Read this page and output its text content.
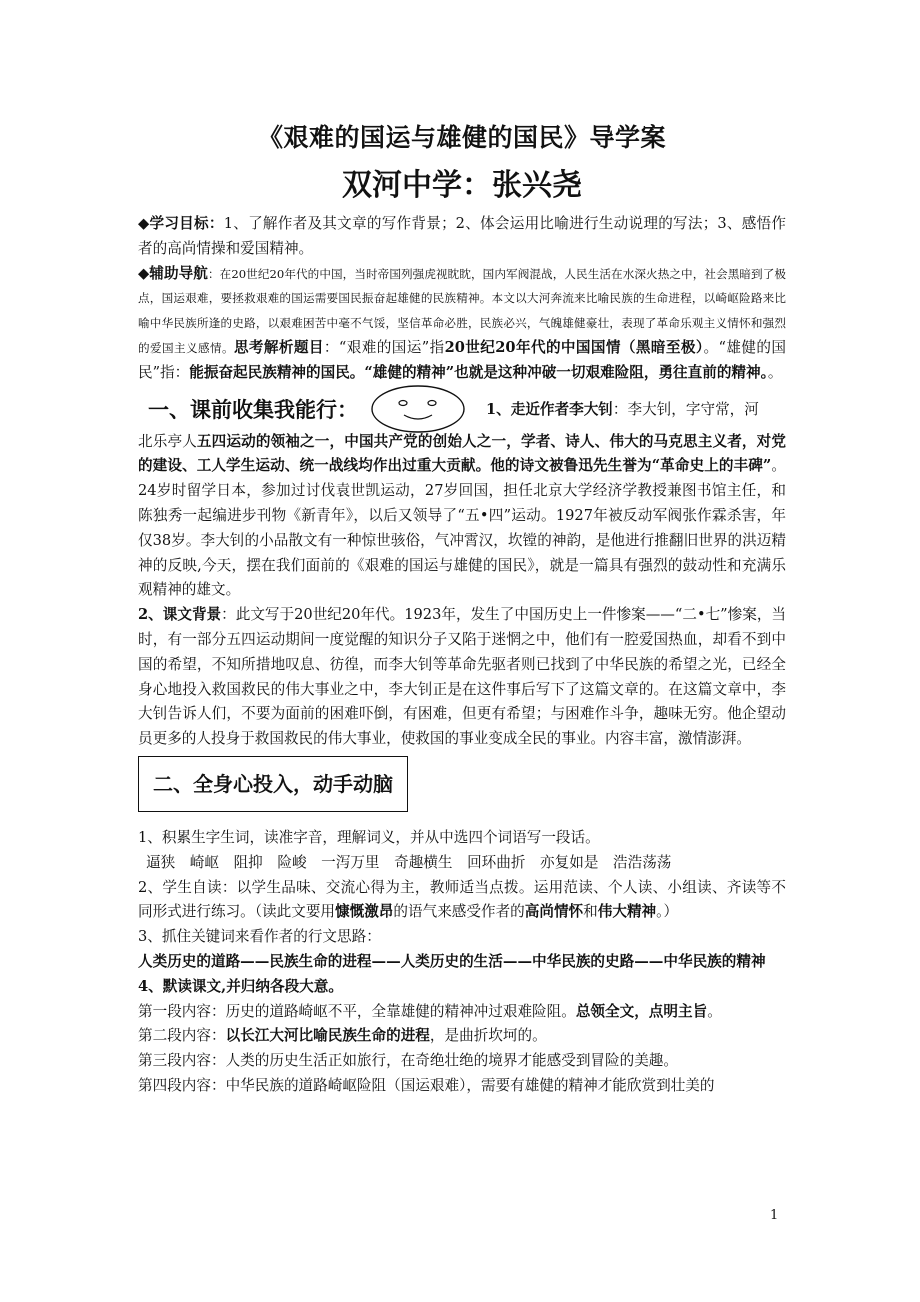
《艰难的国运与雄健的国民》导学案
双河中学：张兴尧

◆学习目标：1、了解作者及其文章的写作背景；2、体会运用比喻进行生动说理的写法；3、感悟作者的高尚情操和爱国精神。

◆辅助导航：在20世纪20年代的中国，当时帝国列强虎视眈眈，国内军阀混战，人民生活在水深火热之中，社会黑暗到了极点，国运艰难，要拯救艰难的国运需要国民振奋起雄健的民族精神。本文以大河奔流来比喻民族的生命进程，以崎岖险路来比喻中华民族所逢的史路，以艰难困苦中毫不气馁，坚信革命必胜，民族必兴，气魄雄健豪壮，表现了革命乐观主义情怀和强烈的爱国主义感情。思考解析题目：“艰难的国运”指20世纪20年代的中国国情（黑暗至极）。“雄健的国民”指：能振奋起民族精神的国民。“雄健的精神”也就是这种冲破一切艰难险阻，勇往直前的精神。。

一、课前收集我能行：	1、走近作者李大钊：李大钊，字守常，河

北乐亭人五四运动的领袖之一，中国共产党的创始人之一，学者、诗人、伟大的马克思主义者，对党的建设、工人学生运动、统一战线均作出过重大贡献。他的诗文被鲁迅先生誉为“革命史上的丰碑”。24岁时留学日本，参加过讨伐袁世凯运动，27岁回国，担任北京大学经济学教授兼图书馆主任，和陈独秀一起编进步刊物《新青年》，以后又领导了“五•四”运动。1927年被反动军阀张作霖杀害，年仅38岁。李大钊的小品散文有一种惊世骇俗，气冲霄汉，坎镗的神韵，是他进行推翻旧世界的洪迈精神的反映,今天，摆在我们面前的《艰难的国运与雄健的国民》，就是一篇具有强烈的鼓动性和充满乐观精神的雄文。

2、课文背景：此文写于20世纪20年代。1923年，发生了中国历史上一件惨案——“二•七”惨案，当时，有一部分五四运动期间一度觉醒的知识分子又陷于迷惘之中，他们有一腔爱国热血，却看不到中国的希望，不知所措地叹息、彷徨，而李大钊等革命先驱者则已找到了中华民族的希望之光，已经全身心地投入救国救民的伟大事业之中，李大钊正是在这件事后写下了这篇文章的。在这篇文章中，李大钊告诉人们，不要为面前的困难吓倒，有困难，但更有希望；与困难作斗争，趣味无穷。他企望动员更多的人投身于救国救民的伟大事业，使救国的事业变成全民的事业。内容丰富，激情澎湃。

二、全身心投入，动手动脑

1、积累生字生词，读准字音，理解词义，并从中选四个词语写一段话。

逼狭　崎岖　阻抑　险峻　一泻万里　奇趣横生　回环曲折　亦复如是　浩浩荡荡

2、学生自读：以学生品味、交流心得为主，教师适当点拨。运用范读、个人读、小组读、齐读等不同形式进行练习。（读此文要用慷慨激昂的语气来感受作者的高尚情怀和伟大精神。）

3、抓住关键词来看作者的行文思路：

人类历史的道路——民族生命的进程——人类历史的生活——中华民族的史路——中华民族的精神

4、默读课文,并归纳各段大意。

第一段内容：历史的道路崎岖不平，全靠雄健的精神冲过艰难险阻。总领全文，点明主旨。

第二段内容：以长江大河比喻民族生命的进程，是曲折坎坷的。

第三段内容：人类的历史生活正如旅行，在奇绝壮绝的境界才能感受到冒险的美趣。

第四段内容：中华民族的道路崎岖险阻（国运艰难），需要有雄健的精神才能欣赏到壮美的

1
